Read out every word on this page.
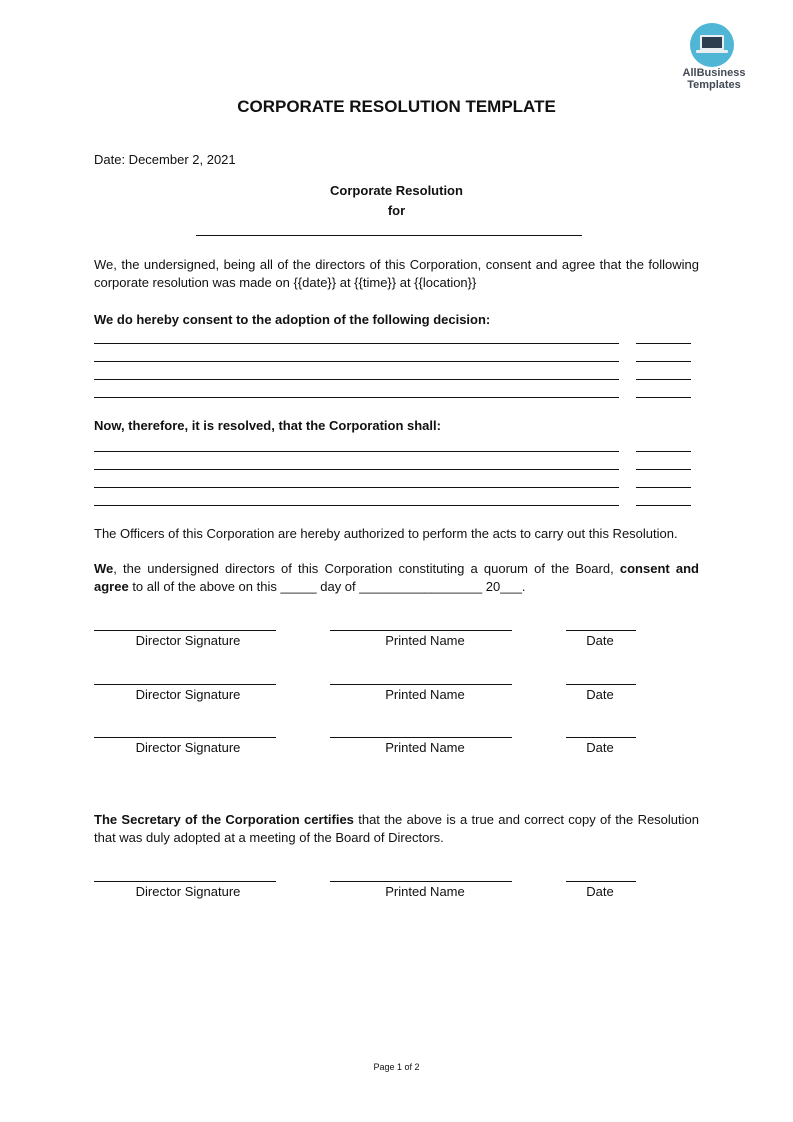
AllBusiness
Templates
CORPORATE RESOLUTION TEMPLATE
Date: December 2, 2021
Corporate Resolution
for
We, the undersigned, being all of the directors of this Corporation, consent and agree that the following corporate resolution was made on {{date}} at {{time}} at {{location}}
We do hereby consent to the adoption of the following decision:
Now, therefore, it is resolved, that the Corporation shall:
The Officers of this Corporation are hereby authorized to perform the acts to carry out this Resolution.
We, the undersigned directors of this Corporation constituting a quorum of the Board, consent and agree to all of the above on this _____ day of _________________ 20___.
Director Signature	Printed Name	Date
Director Signature	Printed Name	Date
Director Signature	Printed Name	Date
The Secretary of the Corporation certifies that the above is a true and correct copy of the Resolution that was duly adopted at a meeting of the Board of Directors.
Director Signature	Printed Name	Date
Page 1 of 2
